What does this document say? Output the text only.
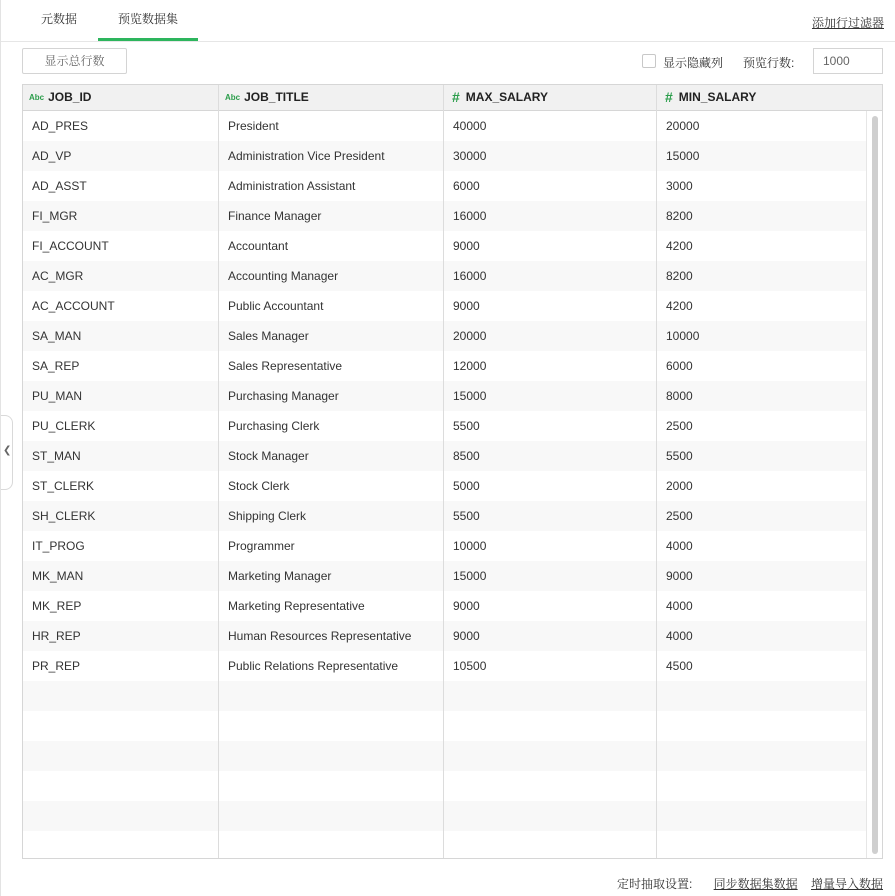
元数据	预览数据集	添加行过滤器
显示总行数	显示隐藏列 预览行数:
1000
Abc JOB_ID	Abc JOB_TITLE	# MAX_SALARY	# MIN_SALARY
AD_PRES	President	40000	20000
AD_VP	Administration Vice President	30000	15000
AD_ASST	Administration Assistant	6000	3000
FI_MGR	Finance Manager	16000	8200
FI_ACCOUNT	Accountant	9000	4200
AC_MGR	Accounting Manager	16000	8200
AC_ACCOUNT	Public Accountant	9000	4200
SA_MAN	Sales Manager	20000	10000
SA_REP	Sales Representative	12000	6000
PU_MAN	Purchasing Manager	15000	8000
PU_CLERK	Purchasing Clerk	5500	2500
ST_MAN	Stock Manager	8500	5500
ST_CLERK	Stock Clerk	5000	2000
SH_CLERK	Shipping Clerk	5500	2500
IT_PROG	Programmer	10000	4000
MK_MAN	Marketing Manager	15000	9000
MK_REP	Marketing Representative	9000	4000
HR_REP	Human Resources Representative	9000	4000
PR_REP	Public Relations Representative	10500	4500
❮
定时抽取设置: 同步数据集数据 增量导入数据
